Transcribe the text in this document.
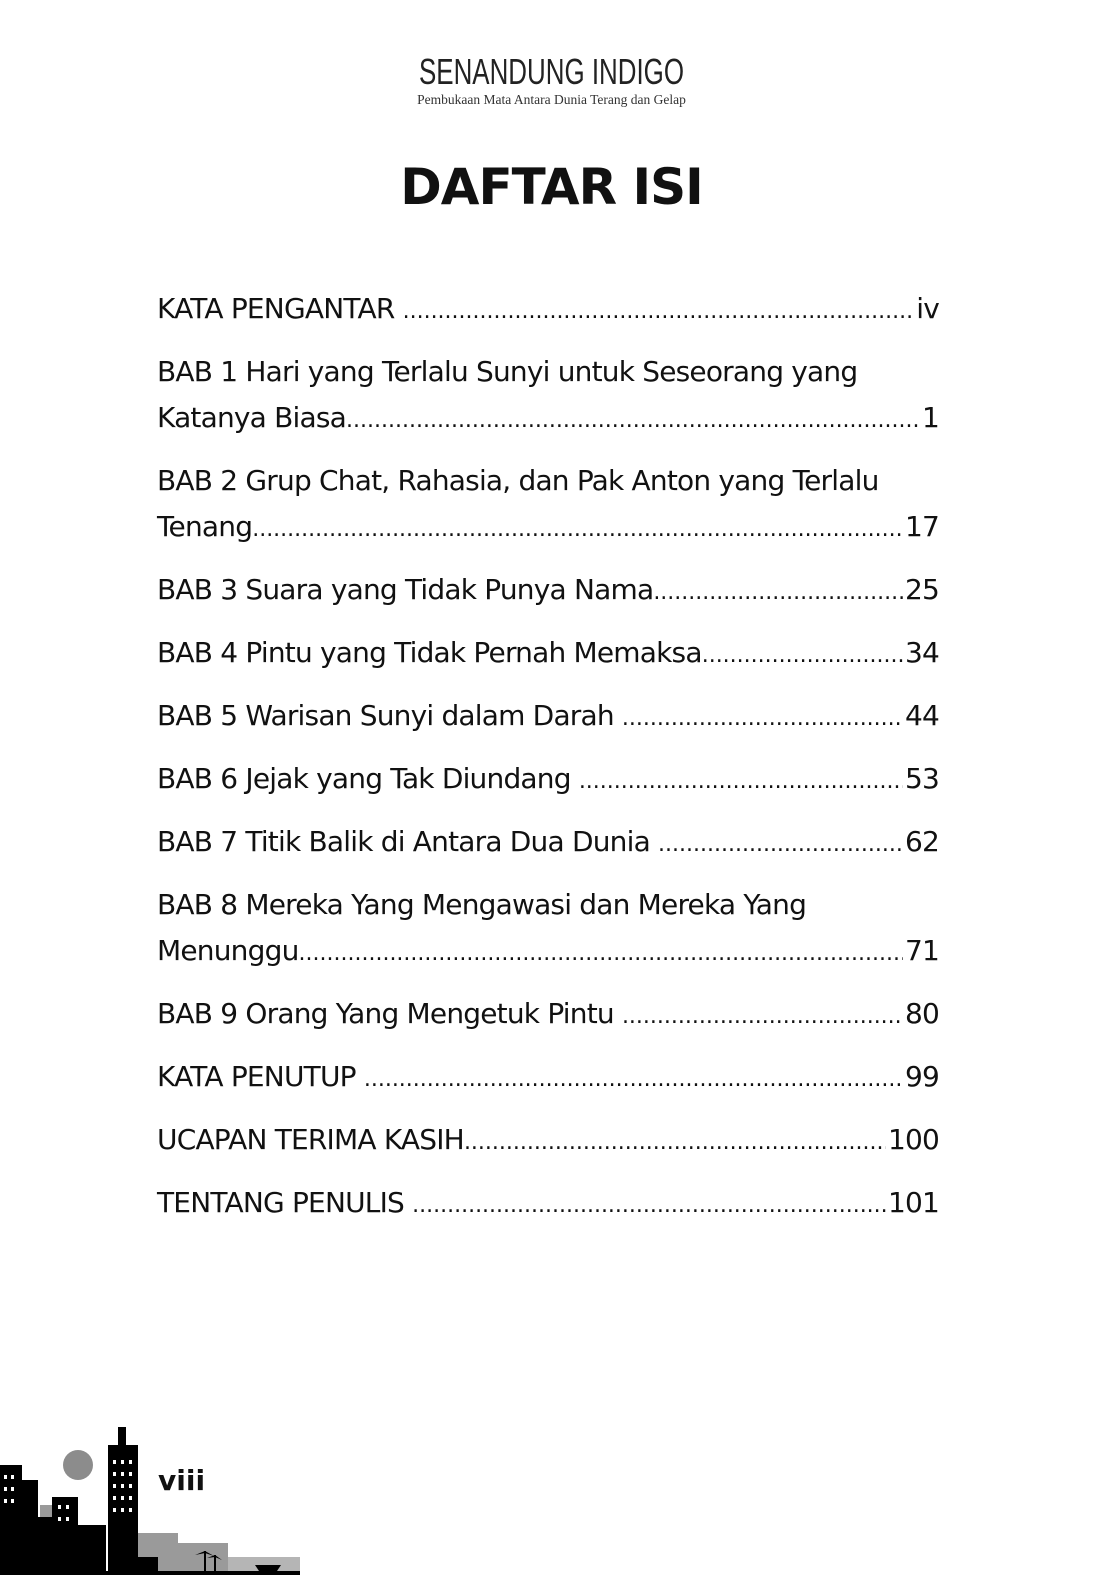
SENANDUNG INDIGO
Pembukaan Mata Antara Dunia Terang dan Gelap
DAFTAR ISI
KATA PENGANTAR .....	iv
BAB 1 Hari yang Terlalu Sunyi untuk Seseorang yang
Katanya Biasa .....	1
BAB 2 Grup Chat, Rahasia, dan Pak Anton yang Terlalu
Tenang .....	17
BAB 3 Suara yang Tidak Punya Nama .....	25
BAB 4 Pintu yang Tidak Pernah Memaksa .....	34
BAB 5 Warisan Sunyi dalam Darah .....	44
BAB 6 Jejak yang Tak Diundang .....	53
BAB 7 Titik Balik di Antara Dua Dunia .....	62
BAB 8 Mereka Yang Mengawasi dan Mereka Yang
Menunggu .....	71
BAB 9 Orang Yang Mengetuk Pintu .....	80
KATA PENUTUP .....	99
UCAPAN TERIMA KASIH .....	100
TENTANG PENULIS .....	101
viii
